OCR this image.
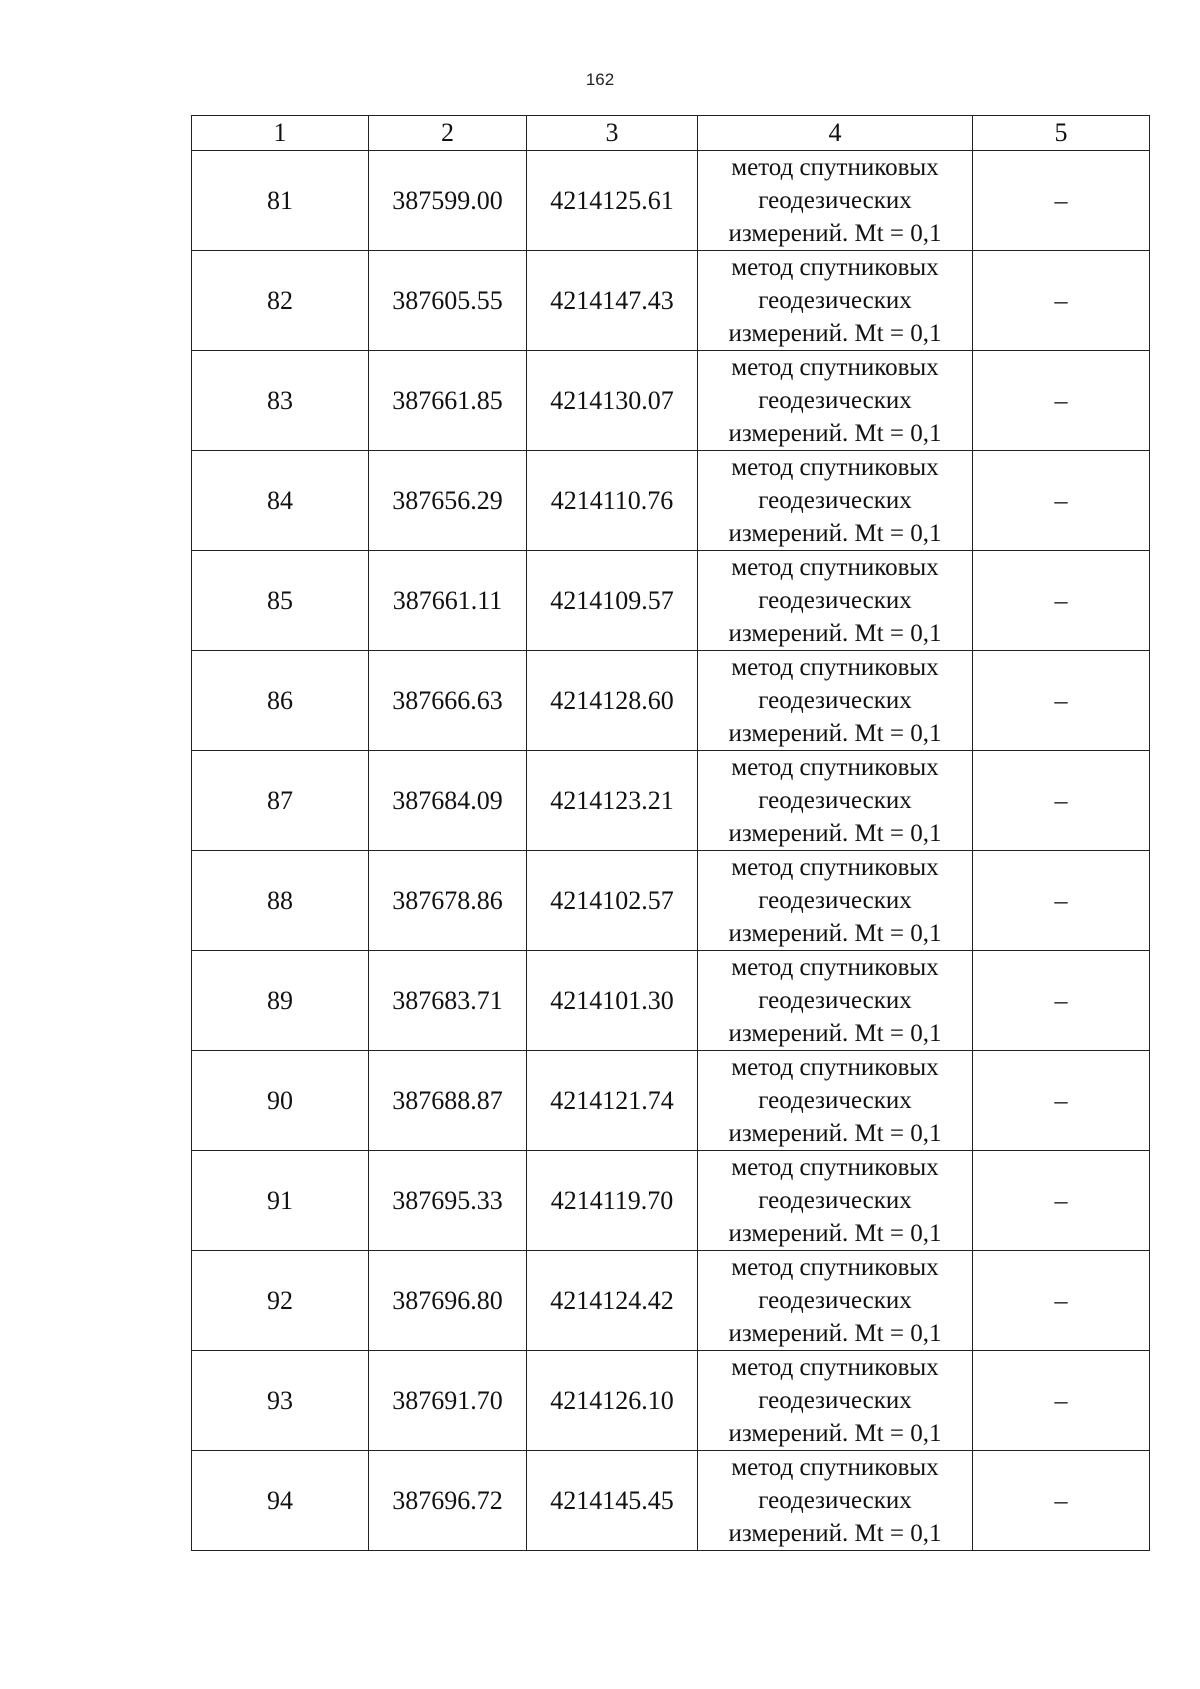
162
1	2	3	4	5
81	387599.00	4214125.61	метод спутниковых геодезических измерений. Mt = 0,1	–
82	387605.55	4214147.43	метод спутниковых геодезических измерений. Mt = 0,1	–
83	387661.85	4214130.07	метод спутниковых геодезических измерений. Mt = 0,1	–
84	387656.29	4214110.76	метод спутниковых геодезических измерений. Mt = 0,1	–
85	387661.11	4214109.57	метод спутниковых геодезических измерений. Mt = 0,1	–
86	387666.63	4214128.60	метод спутниковых геодезических измерений. Mt = 0,1	–
87	387684.09	4214123.21	метод спутниковых геодезических измерений. Mt = 0,1	–
88	387678.86	4214102.57	метод спутниковых геодезических измерений. Mt = 0,1	–
89	387683.71	4214101.30	метод спутниковых геодезических измерений. Mt = 0,1	–
90	387688.87	4214121.74	метод спутниковых геодезических измерений. Mt = 0,1	–
91	387695.33	4214119.70	метод спутниковых геодезических измерений. Mt = 0,1	–
92	387696.80	4214124.42	метод спутниковых геодезических измерений. Mt = 0,1	–
93	387691.70	4214126.10	метод спутниковых геодезических измерений. Mt = 0,1	–
94	387696.72	4214145.45	метод спутниковых геодезических измерений. Mt = 0,1	–
